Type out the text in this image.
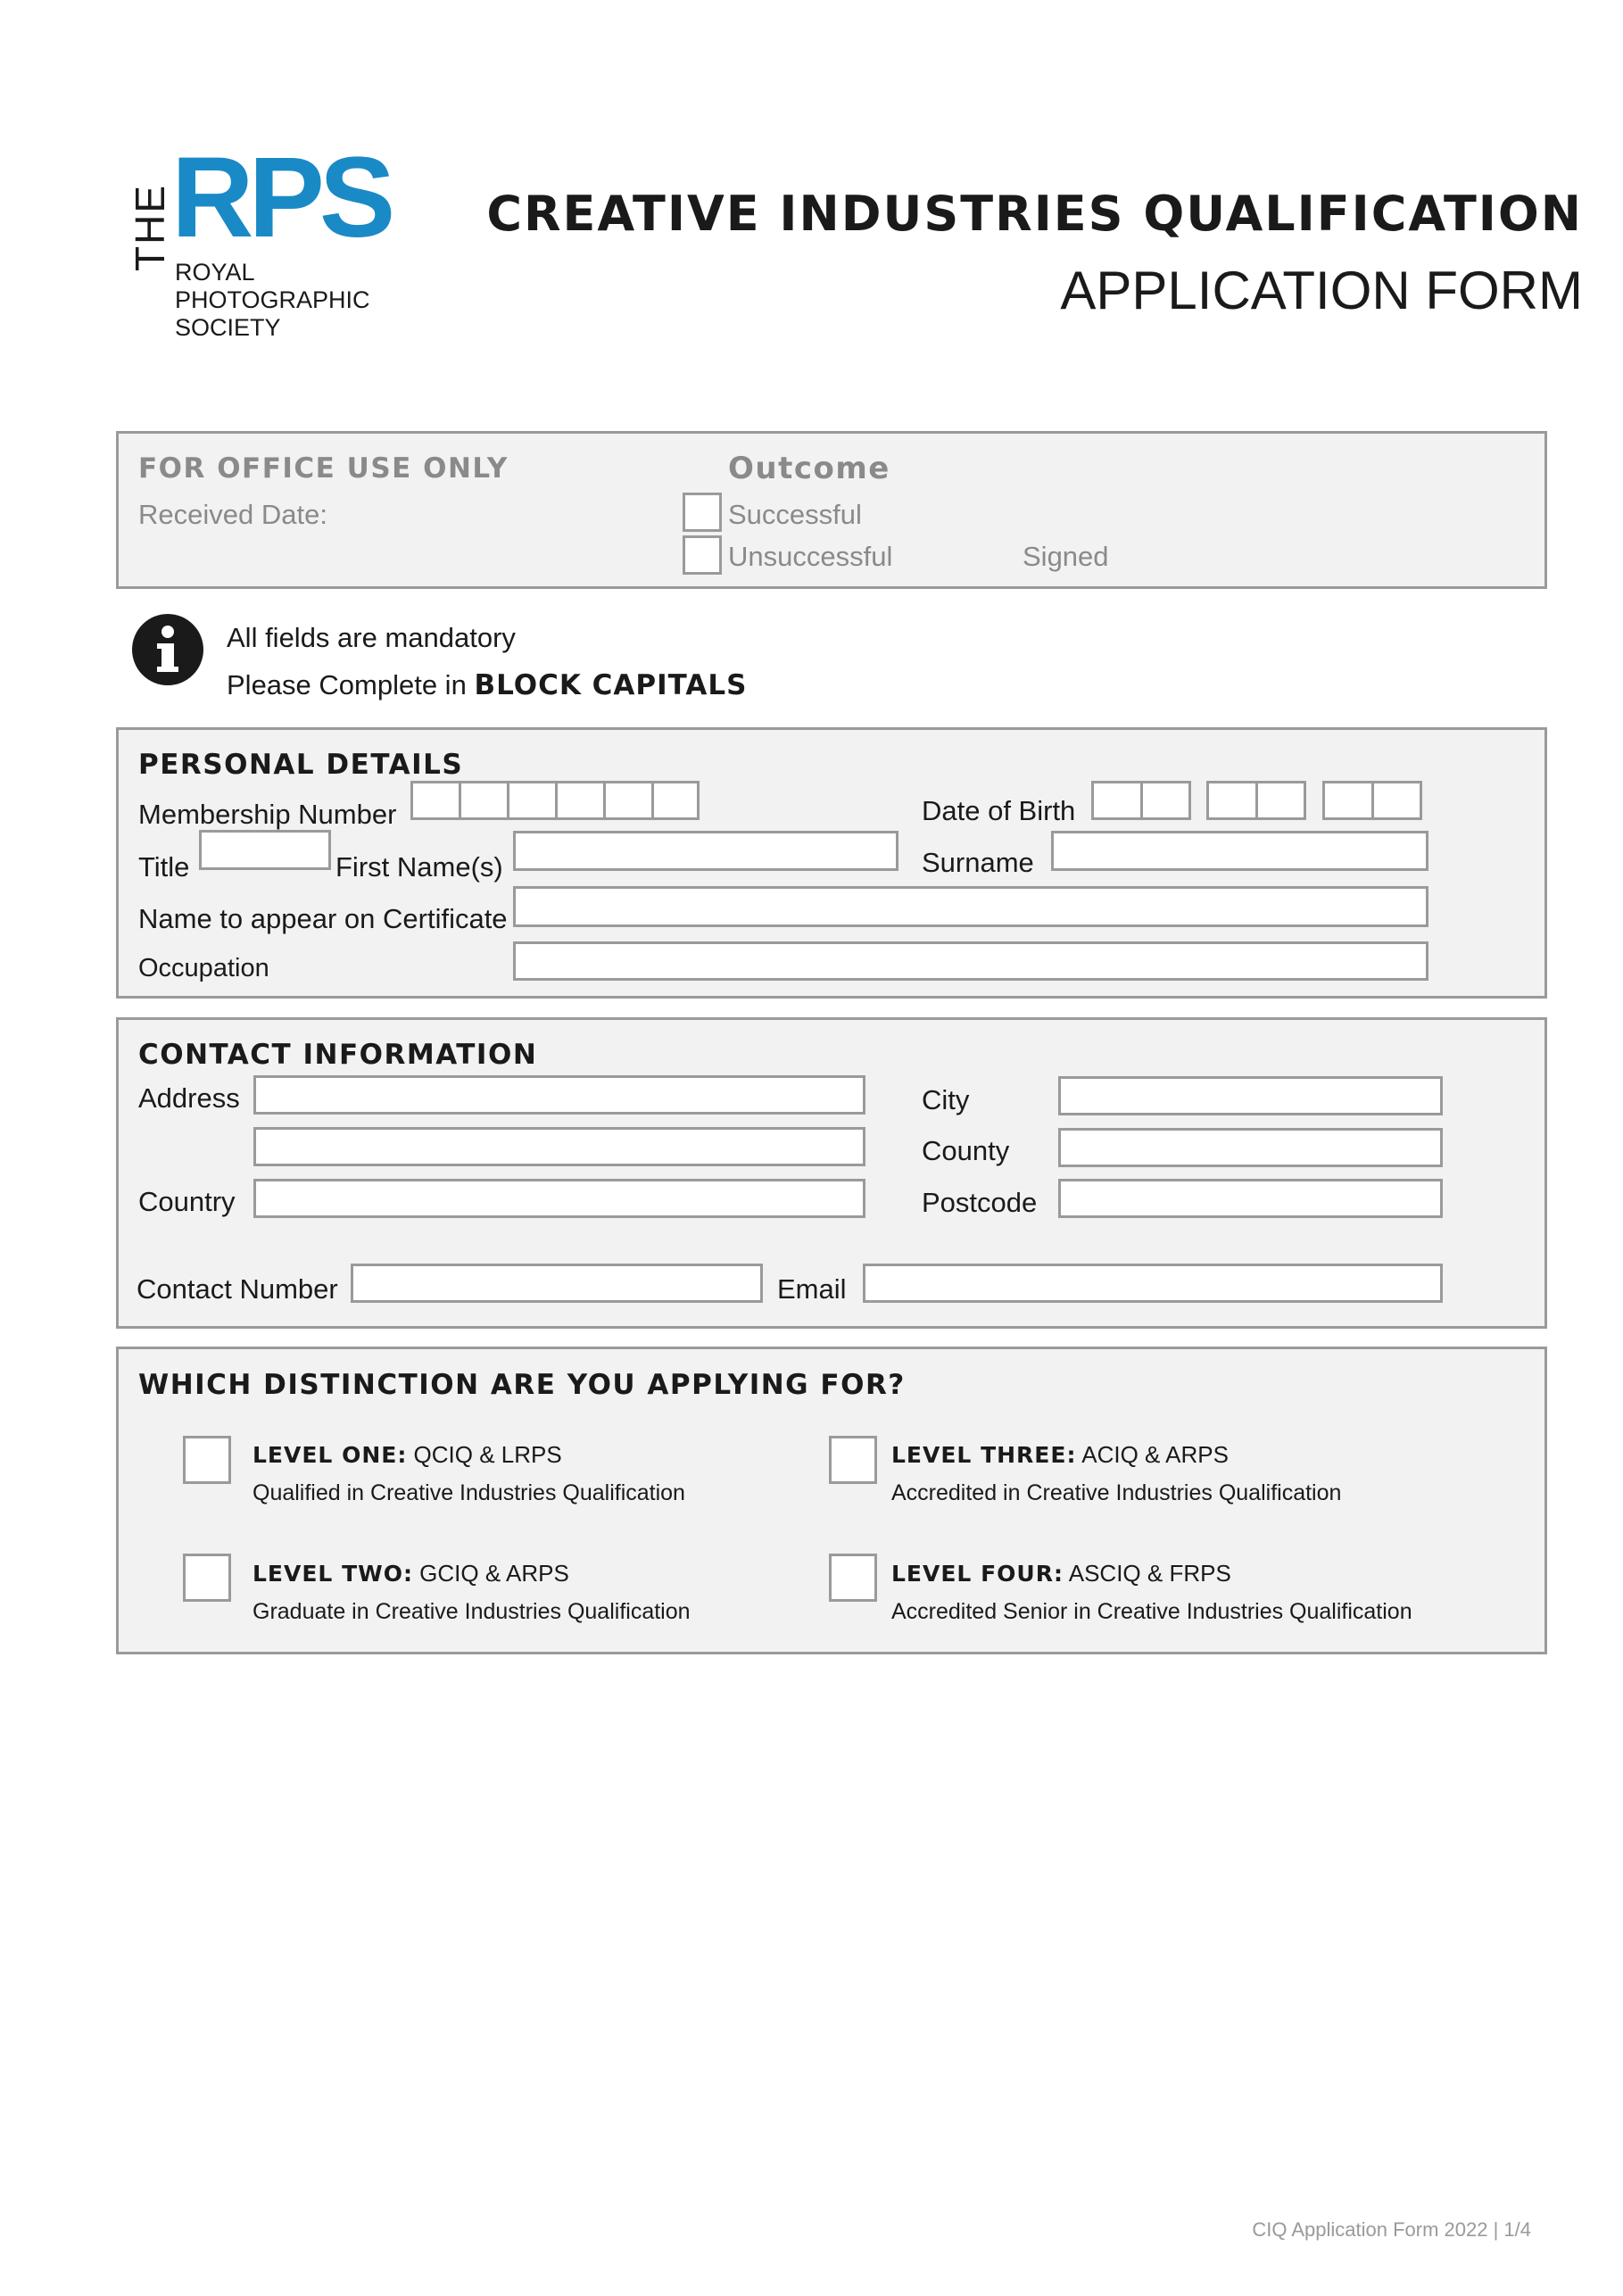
THE
RPS
ROYAL
PHOTOGRAPHIC
SOCIETY
CREATIVE INDUSTRIES QUALIFICATION
APPLICATION FORM
FOR OFFICE USE ONLY
Received Date:
Outcome
Successful
Unsuccessful	Signed
All fields are mandatory
Please Complete in BLOCK CAPITALS
PERSONAL DETAILS
Membership Number	Date of Birth
Title	First Name(s)	Surname
Name to appear on Certificate
Occupation
CONTACT INFORMATION
Address
Country
City
County
Postcode
Contact Number	Email
WHICH DISTINCTION ARE YOU APPLYING FOR?
LEVEL ONE: QCIQ & LRPS
Qualified in Creative Industries Qualification
LEVEL TWO: GCIQ & ARPS
Graduate in Creative Industries Qualification
LEVEL THREE: ACIQ & ARPS
Accredited in Creative Industries Qualification
LEVEL FOUR: ASCIQ & FRPS
Accredited Senior in Creative Industries Qualification
CIQ Application Form 2022 | 1/4
